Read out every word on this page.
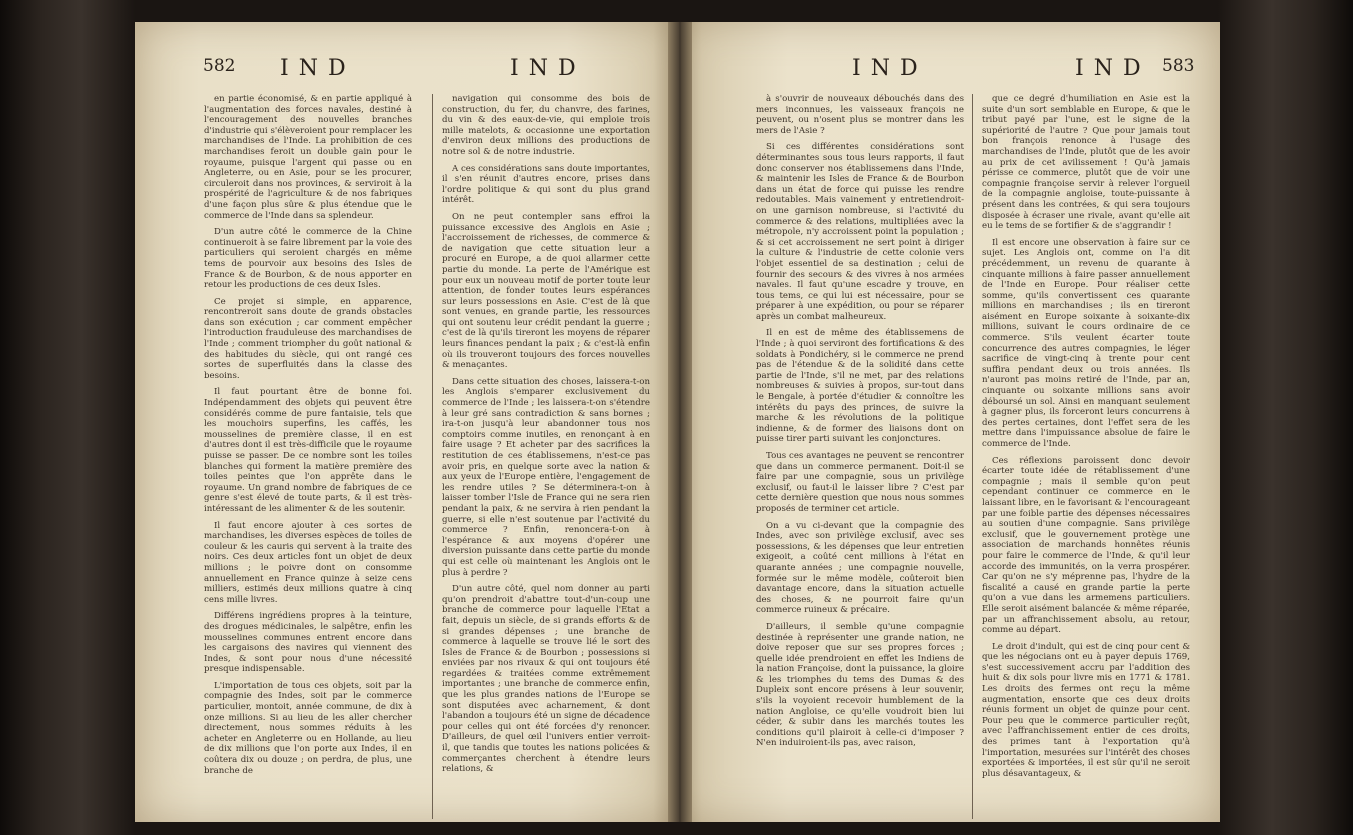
582 IND	IND	IND	IND 583

en partie économisé, & en partie appliqué à l'augmentation des forces navales, destiné à l'encouragement des nouvelles branches d'industrie qui s'élèveroient pour remplacer les marchandises de l'Inde. La prohibition de ces marchandises feroit un double gain pour le royaume, puisque l'argent qui passe ou en Angleterre, ou en Asie, pour se les procurer, circuleroit dans nos provinces, & serviroit à la prospérité de l'agriculture & de nos fabriques d'une façon plus sûre & plus étendue que le commerce de l'Inde dans sa splendeur.

D'un autre côté le commerce de la Chine continueroit à se faire librement par la voie des particuliers qui seroient chargés en même tems de pourvoir aux besoins des Isles de France & de Bourbon, & de nous apporter en retour les productions de ces deux Isles.

Ce projet si simple, en apparence, rencontreroit sans doute de grands obstacles dans son exécution ; car comment empêcher l'introduction frauduleuse des marchandises de l'Inde ; comment triompher du goût national & des habitudes du siècle, qui ont rangé ces sortes de superfluités dans la classe des besoins.

Il faut pourtant être de bonne foi. Indépendamment des objets qui peuvent être considérés comme de pure fantaisie, tels que les mouchoirs superfins, les caffés, les mousselines de première classe, il en est d'autres dont il est très-difficile que le royaume puisse se passer. De ce nombre sont les toiles blanches qui forment la matière première des toiles peintes que l'on apprête dans le royaume. Un grand nombre de fabriques de ce genre s'est élevé de toute parts, & il est très-intéressant de les alimenter & de les soutenir.

Il faut encore ajouter à ces sortes de marchandises, les diverses espèces de toiles de couleur & les cauris qui servent à la traite des noirs. Ces deux articles font un objet de deux millions ; le poivre dont on consomme annuellement en France quinze à seize cens milliers, estimés deux millions quatre à cinq cens mille livres.

Différens ingrédiens propres à la teinture, des drogues médicinales, le salpêtre, enfin les mousselines communes entrent encore dans les cargaisons des navires qui viennent des Indes, & sont pour nous d'une nécessité presque indispensable.

L'importation de tous ces objets, soit par la compagnie des Indes, soit par le commerce particulier, montoit, année commune, de dix à onze millions. Si au lieu de les aller chercher directement, nous sommes réduits à les acheter en Angleterre ou en Hollande, au lieu de dix millions que l'on porte aux Indes, il en coûtera dix ou douze ; on perdra, de plus, une branche de

navigation qui consomme des bois de construction, du fer, du chanvre, des farines, du vin & des eaux-de-vie, qui emploie trois mille matelots, & occasionne une exportation d'environ deux millions des productions de notre sol & de notre industrie.

A ces considérations sans doute importantes, il s'en réunit d'autres encore, prises dans l'ordre politique & qui sont du plus grand intérêt.

On ne peut contempler sans effroi la puissance excessive des Anglois en Asie ; l'accroissement de richesses, de commerce & de navigation que cette situation leur a procuré en Europe, a de quoi allarmer cette partie du monde. La perte de l'Amérique est pour eux un nouveau motif de porter toute leur attention, de fonder toutes leurs espérances sur leurs possessions en Asie. C'est de là que sont venues, en grande partie, les ressources qui ont soutenu leur crédit pendant la guerre ; c'est de là qu'ils tireront les moyens de réparer leurs finances pendant la paix ; & c'est-là enfin où ils trouveront toujours des forces nouvelles & menaçantes.

Dans cette situation des choses, laissera-t-on les Anglois s'emparer exclusivement du commerce de l'Inde ; les laissera-t-on s'étendre à leur gré sans contradiction & sans bornes ; ira-t-on jusqu'à leur abandonner tous nos comptoirs comme inutiles, en renonçant à en faire usage ? Et acheter par des sacrifices la restitution de ces établissemens, n'est-ce pas avoir pris, en quelque sorte avec la nation & aux yeux de l'Europe entière, l'engagement de les rendre utiles ? Se déterminera-t-on à laisser tomber l'Isle de France qui ne sera rien pendant la paix, & ne servira à rien pendant la guerre, si elle n'est soutenue par l'activité du commerce ? Enfin, renoncera-t-on à l'espérance & aux moyens d'opérer une diversion puissante dans cette partie du monde qui est celle où maintenant les Anglois ont le plus à perdre ?

D'un autre côté, quel nom donner au parti qu'on prendroit d'abattre tout-d'un-coup une branche de commerce pour laquelle l'Etat a fait, depuis un siècle, de si grands efforts & de si grandes dépenses ; une branche de commerce à laquelle se trouve lié le sort des Isles de France & de Bourbon ; possessions si enviées par nos rivaux & qui ont toujours été regardées & traitées comme extrêmement importantes ; une branche de commerce enfin, que les plus grandes nations de l'Europe se sont disputées avec acharnement, & dont l'abandon a toujours été un signe de décadence pour celles qui ont été forcées d'y renoncer. D'ailleurs, de quel œil l'univers entier verroit-il, que tandis que toutes les nations policées & commerçantes cherchent à étendre leurs relations, &

à s'ouvrir de nouveaux débouchés dans des mers inconnues, les vaisseaux françois ne peuvent, ou n'osent plus se montrer dans les mers de l'Asie ?

Si ces différentes considérations sont déterminantes sous tous leurs rapports, il faut donc conserver nos établissemens dans l'Inde, & maintenir les Isles de France & de Bourbon dans un état de force qui puisse les rendre redoutables. Mais vainement y entretiendroit-on une garnison nombreuse, si l'activité du commerce & des relations, multipliées avec la métropole, n'y accroissent point la population ; & si cet accroissement ne sert point à diriger la culture & l'industrie de cette colonie vers l'objet essentiel de sa destination ; celui de fournir des secours & des vivres à nos armées navales. Il faut qu'une escadre y trouve, en tous tems, ce qui lui est nécessaire, pour se préparer à une expédition, ou pour se réparer après un combat malheureux.

Il en est de même des établissemens de l'Inde ; à quoi serviront des fortifications & des soldats à Pondichéry, si le commerce ne prend pas de l'étendue & de la solidité dans cette partie de l'Inde, s'il ne met, par des relations nombreuses & suivies à propos, sur-tout dans le Bengale, à portée d'étudier & connoître les intérêts du pays des princes, de suivre la marche & les révolutions de la politique indienne, & de former des liaisons dont on puisse tirer parti suivant les conjonctures.

Tous ces avantages ne peuvent se rencontrer que dans un commerce permanent. Doit-il se faire par une compagnie, sous un privilège exclusif, ou faut-il le laisser libre ? C'est par cette dernière question que nous nous sommes proposés de terminer cet article.

On a vu ci-devant que la compagnie des Indes, avec son privilège exclusif, avec ses possessions, & les dépenses que leur entretien exigeoit, a coûté cent millions à l'état en quarante années ; une compagnie nouvelle, formée sur le même modèle, coûteroit bien davantage encore, dans la situation actuelle des choses, & ne pourroit faire qu'un commerce ruineux & précaire.

D'ailleurs, il semble qu'une compagnie destinée à représenter une grande nation, ne doive reposer que sur ses propres forces ; quelle idée prendroient en effet les Indiens de la nation Françoise, dont la puissance, la gloire & les triomphes du tems des Dumas & des Dupleix sont encore présens à leur souvenir, s'ils la voyoient recevoir humblement de la nation Angloise, ce qu'elle voudroit bien lui céder, & subir dans les marchés toutes les conditions qu'il plairoit à celle-ci d'imposer ? N'en induiroient-ils pas, avec raison,

que ce degré d'humiliation en Asie est la suite d'un sort semblable en Europe, & que le tribut payé par l'une, est le signe de la supériorité de l'autre ? Que pour jamais tout bon françois renonce à l'usage des marchandises de l'Inde, plutôt que de les avoir au prix de cet avilissement ! Qu'à jamais périsse ce commerce, plutôt que de voir une compagnie françoise servir à relever l'orgueil de la compagnie angloise, toute-puissante à présent dans les contrées, & qui sera toujours disposée à écraser une rivale, avant qu'elle ait eu le tems de se fortifier & de s'aggrandir !

Il est encore une observation à faire sur ce sujet. Les Anglois ont, comme on l'a dit précédemment, un revenu de quarante à cinquante millions à faire passer annuellement de l'Inde en Europe. Pour réaliser cette somme, qu'ils convertissent ces quarante millions en marchandises ; ils en tireront aisément en Europe soixante à soixante-dix millions, suivant le cours ordinaire de ce commerce. S'ils veulent écarter toute concurrence des autres compagnies, le léger sacrifice de vingt-cinq à trente pour cent suffira pendant deux ou trois années. Ils n'auront pas moins retiré de l'Inde, par an, cinquante ou soixante millions sans avoir déboursé un sol. Ainsi en manquant seulement à gagner plus, ils forceront leurs concurrens à des pertes certaines, dont l'effet sera de les mettre dans l'impuissance absolue de faire le commerce de l'Inde.

Ces réflexions paroissent donc devoir écarter toute idée de rétablissement d'une compagnie ; mais il semble qu'on peut cependant continuer ce commerce en le laissant libre, en le favorisant & l'encourageant par une foible partie des dépenses nécessaires au soutien d'une compagnie. Sans privilège exclusif, que le gouvernement protège une association de marchands honnêtes réunis pour faire le commerce de l'Inde, & qu'il leur accorde des immunités, on la verra prospérer. Car qu'on ne s'y méprenne pas, l'hydre de la fiscalité a causé en grande partie la perte qu'on a vue dans les armemens particuliers. Elle seroit aisément balancée & même réparée, par un affranchissement absolu, au retour, comme au départ.

Le droit d'indult, qui est de cinq pour cent & que les négocians ont eu à payer depuis 1769, s'est successivement accru par l'addition des huit & dix sols pour livre mis en 1771 & 1781. Les droits des fermes ont reçu la même augmentation, ensorte que ces deux droits réunis forment un objet de quinze pour cent. Pour peu que le commerce particulier reçût, avec l'affranchissement entier de ces droits, des primes tant à l'exportation qu'à l'importation, mesurées sur l'intérêt des choses exportées & importées, il est sûr qu'il ne seroit plus désavantageux, &
